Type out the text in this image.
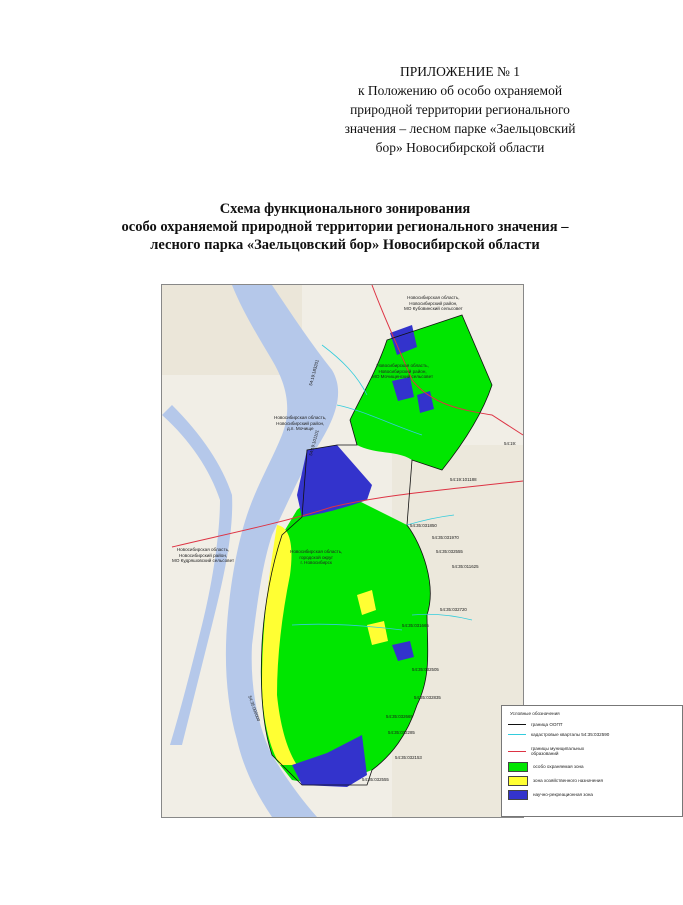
ПРИЛОЖЕНИЕ № 1
к Положению об особо охраняемой
природной территории регионального
значения – лесном парке «Заельцовский
бор» Новосибирской области
Схема функционального зонирования
особо охраняемой природной территории регионального значения –
лесного парка «Заельцовский бор» Новосибирской области
Новосибирская область,
Новосибирский район,
МО Кубовинский сельсовет
Новосибирская область,
Новосибирский район,
МО Мочищенский сельсовет
Новосибирская область,
Новосибирский район,
д.п. Мочище
Новосибирская область,
Новосибирский район,
МО Кудряшовский сельсовет
Новосибирская область,
городской округ
г. Новосибирск
54:19:183201
54:19:101101	54:19:
54:19:101188
54:35:031850
54:35:031970
54:35:032555
54:35:011625
54:35:032720
54:35:031665
54:35:032505
54:35:032835
54:35:032665
54:35:032285
54:35:032153
54:35:032555
54:35:000000	Условные обозначения
граница ООПТ
кадастровые кварталы 54:35:032590
границы муниципальных образований
особо охраняемая зона
зона хозяйственного назначения
научно-рекреационная зона
